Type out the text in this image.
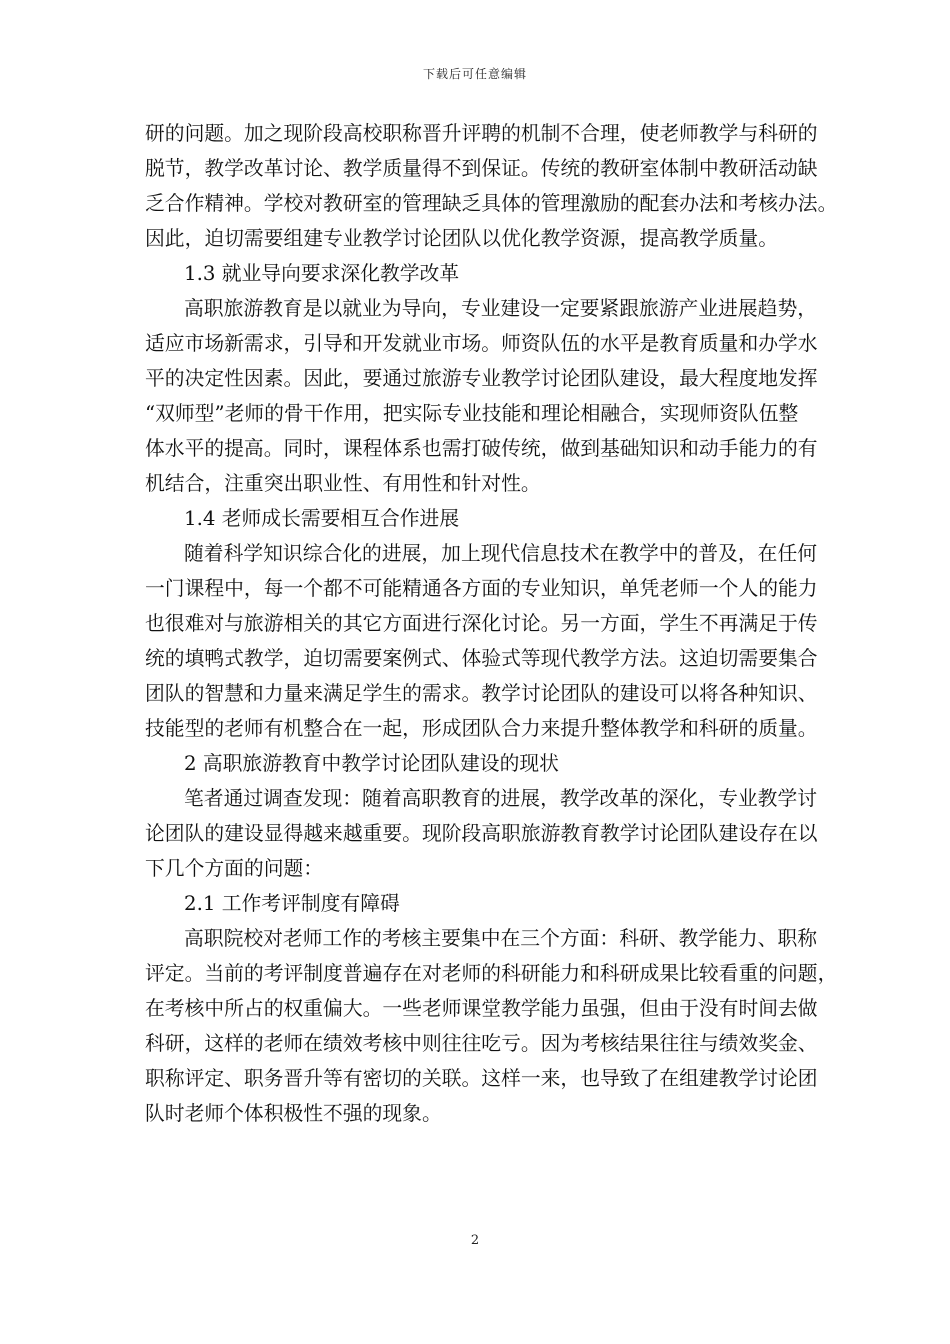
下载后可任意编辑
研的问题。加之现阶段高校职称晋升评聘的机制不合理，使老师教学与科研的
脱节，教学改革讨论、教学质量得不到保证。传统的教研室体制中教研活动缺
乏合作精神。学校对教研室的管理缺乏具体的管理激励的配套办法和考核办法。
因此，迫切需要组建专业教学讨论团队以优化教学资源，提高教学质量。
1.3 就业导向要求深化教学改革
高职旅游教育是以就业为导向，专业建设一定要紧跟旅游产业进展趋势，
适应市场新需求，引导和开发就业市场。师资队伍的水平是教育质量和办学水
平的决定性因素。因此，要通过旅游专业教学讨论团队建设，最大程度地发挥
“双师型”老师的骨干作用，把实际专业技能和理论相融合，实现师资队伍整
体水平的提高。同时，课程体系也需打破传统，做到基础知识和动手能力的有
机结合，注重突出职业性、有用性和针对性。
1.4 老师成长需要相互合作进展
随着科学知识综合化的进展，加上现代信息技术在教学中的普及，在任何
一门课程中，每一个都不可能精通各方面的专业知识，单凭老师一个人的能力
也很难对与旅游相关的其它方面进行深化讨论。另一方面，学生不再满足于传
统的填鸭式教学，迫切需要案例式、体验式等现代教学方法。这迫切需要集合
团队的智慧和力量来满足学生的需求。教学讨论团队的建设可以将各种知识、
技能型的老师有机整合在一起，形成团队合力来提升整体教学和科研的质量。
2 高职旅游教育中教学讨论团队建设的现状
笔者通过调查发现：随着高职教育的进展，教学改革的深化，专业教学讨
论团队的建设显得越来越重要。现阶段高职旅游教育教学讨论团队建设存在以
下几个方面的问题：
2.1 工作考评制度有障碍
高职院校对老师工作的考核主要集中在三个方面：科研、教学能力、职称
评定。当前的考评制度普遍存在对老师的科研能力和科研成果比较看重的问题，
在考核中所占的权重偏大。一些老师课堂教学能力虽强，但由于没有时间去做
科研，这样的老师在绩效考核中则往往吃亏。因为考核结果往往与绩效奖金、
职称评定、职务晋升等有密切的关联。这样一来，也导致了在组建教学讨论团
队时老师个体积极性不强的现象。
2
